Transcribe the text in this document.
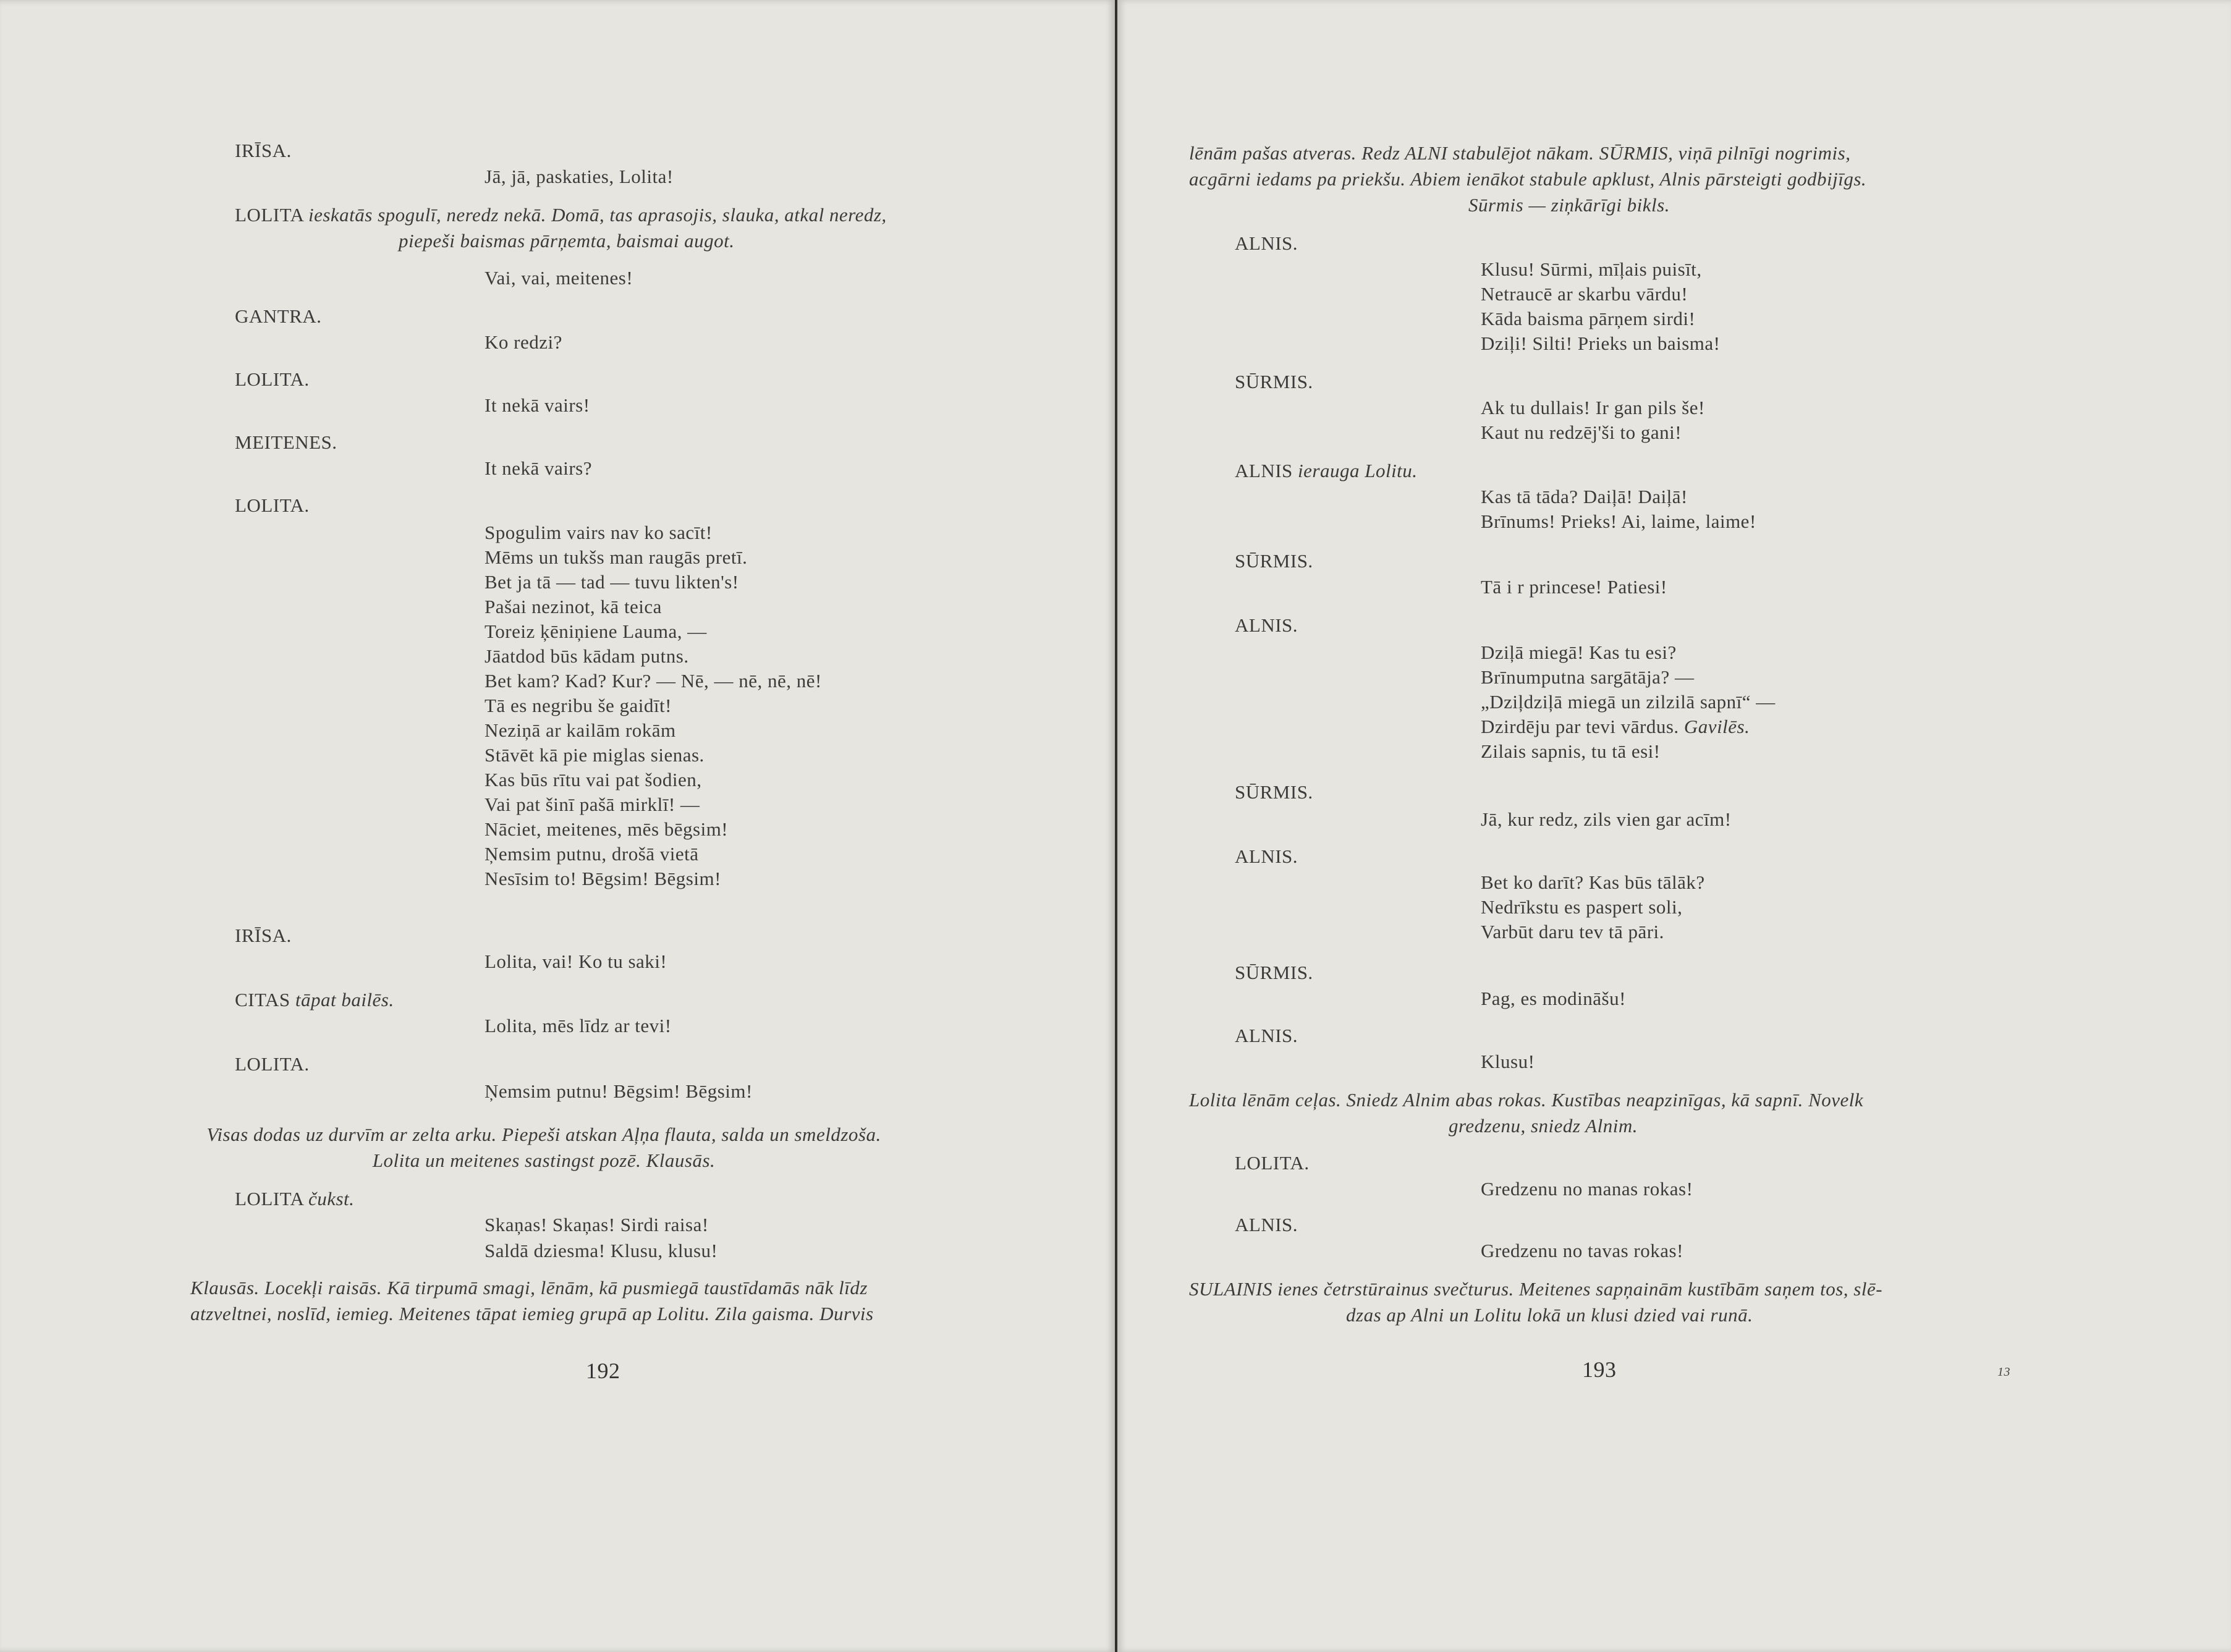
IRĪSA.
Jā, jā, paskaties, Lolita!
LOLITA ieskatās spogulī, neredz nekā. Domā, tas aprasojis, slauka, atkal neredz,
piepeši baismas pārņemta, baismai augot.
Vai, vai, meitenes!
GANTRA.
Ko redzi?
LOLITA.
It nekā vairs!
MEITENES.
It nekā vairs?
LOLITA.
Spogulim vairs nav ko sacīt!
Mēms un tukšs man raugās pretī.
Bet ja tā — tad — tuvu likten's!
Pašai nezinot, kā teica
Toreiz ķēniņiene Lauma, —
Jāatdod būs kādam putns.
Bet kam? Kad? Kur? — Nē, — nē, nē, nē!
Tā es negribu še gaidīt!
Neziņā ar kailām rokām
Stāvēt kā pie miglas sienas.
Kas būs rītu vai pat šodien,
Vai pat šinī pašā mirklī! —
Nāciet, meitenes, mēs bēgsim!
Ņemsim putnu, drošā vietā
Nesīsim to! Bēgsim! Bēgsim!
IRĪSA.
Lolita, vai! Ko tu saki!
CITAS tāpat bailēs.
Lolita, mēs līdz ar tevi!
LOLITA.
Ņemsim putnu! Bēgsim! Bēgsim!
Visas dodas uz durvīm ar zelta arku. Piepeši atskan Aļņa flauta, salda un smeldzoša.
Lolita un meitenes sastingst pozē. Klausās.
LOLITA čukst.
Skaņas! Skaņas! Sirdi raisa!
Saldā dziesma! Klusu, klusu!
Klausās. Locekļi raisās. Kā tirpumā smagi, lēnām, kā pusmiegā taustīdamās nāk līdz
atzveltnei, noslīd, iemieg. Meitenes tāpat iemieg grupā ap Lolitu. Zila gaisma. Durvis
192
lēnām pašas atveras. Redz ALNI stabulējot nākam. SŪRMIS, viņā pilnīgi nogrimis,
acgārni iedams pa priekšu. Abiem ienākot stabule apklust, Alnis pārsteigti godbijīgs.
Sūrmis — ziņkārīgi bikls.
ALNIS.
Klusu! Sūrmi, mīļais puisīt,
Netraucē ar skarbu vārdu!
Kāda baisma pārņem sirdi!
Dziļi! Silti! Prieks un baisma!
SŪRMIS.
Ak tu dullais! Ir gan pils še!
Kaut nu redzēj'ši to gani!
ALNIS ierauga Lolitu.
Kas tā tāda? Daiļā! Daiļā!
Brīnums! Prieks! Ai, laime, laime!
SŪRMIS.
Tā i r princese! Patiesi!
ALNIS.
Dziļā miegā! Kas tu esi?
Brīnumputna sargātāja? —
„Dziļdziļā miegā un zilzilā sapnī“ —
Dzirdēju par tevi vārdus. Gavilēs.
Zilais sapnis, tu tā esi!
SŪRMIS.
Jā, kur redz, zils vien gar acīm!
ALNIS.
Bet ko darīt? Kas būs tālāk?
Nedrīkstu es paspert soli,
Varbūt daru tev tā pāri.
SŪRMIS.
Pag, es modināšu!
ALNIS.
Klusu!
Lolita lēnām ceļas. Sniedz Alnim abas rokas. Kustības neapzinīgas, kā sapnī. Novelk
gredzenu, sniedz Alnim.
LOLITA.
Gredzenu no manas rokas!
ALNIS.
Gredzenu no tavas rokas!
SULAINIS ienes četrstūrainus svečturus. Meitenes sapņainām kustībām saņem tos, slē-
dzas ap Alni un Lolitu lokā un klusi dzied vai runā.
193	13
